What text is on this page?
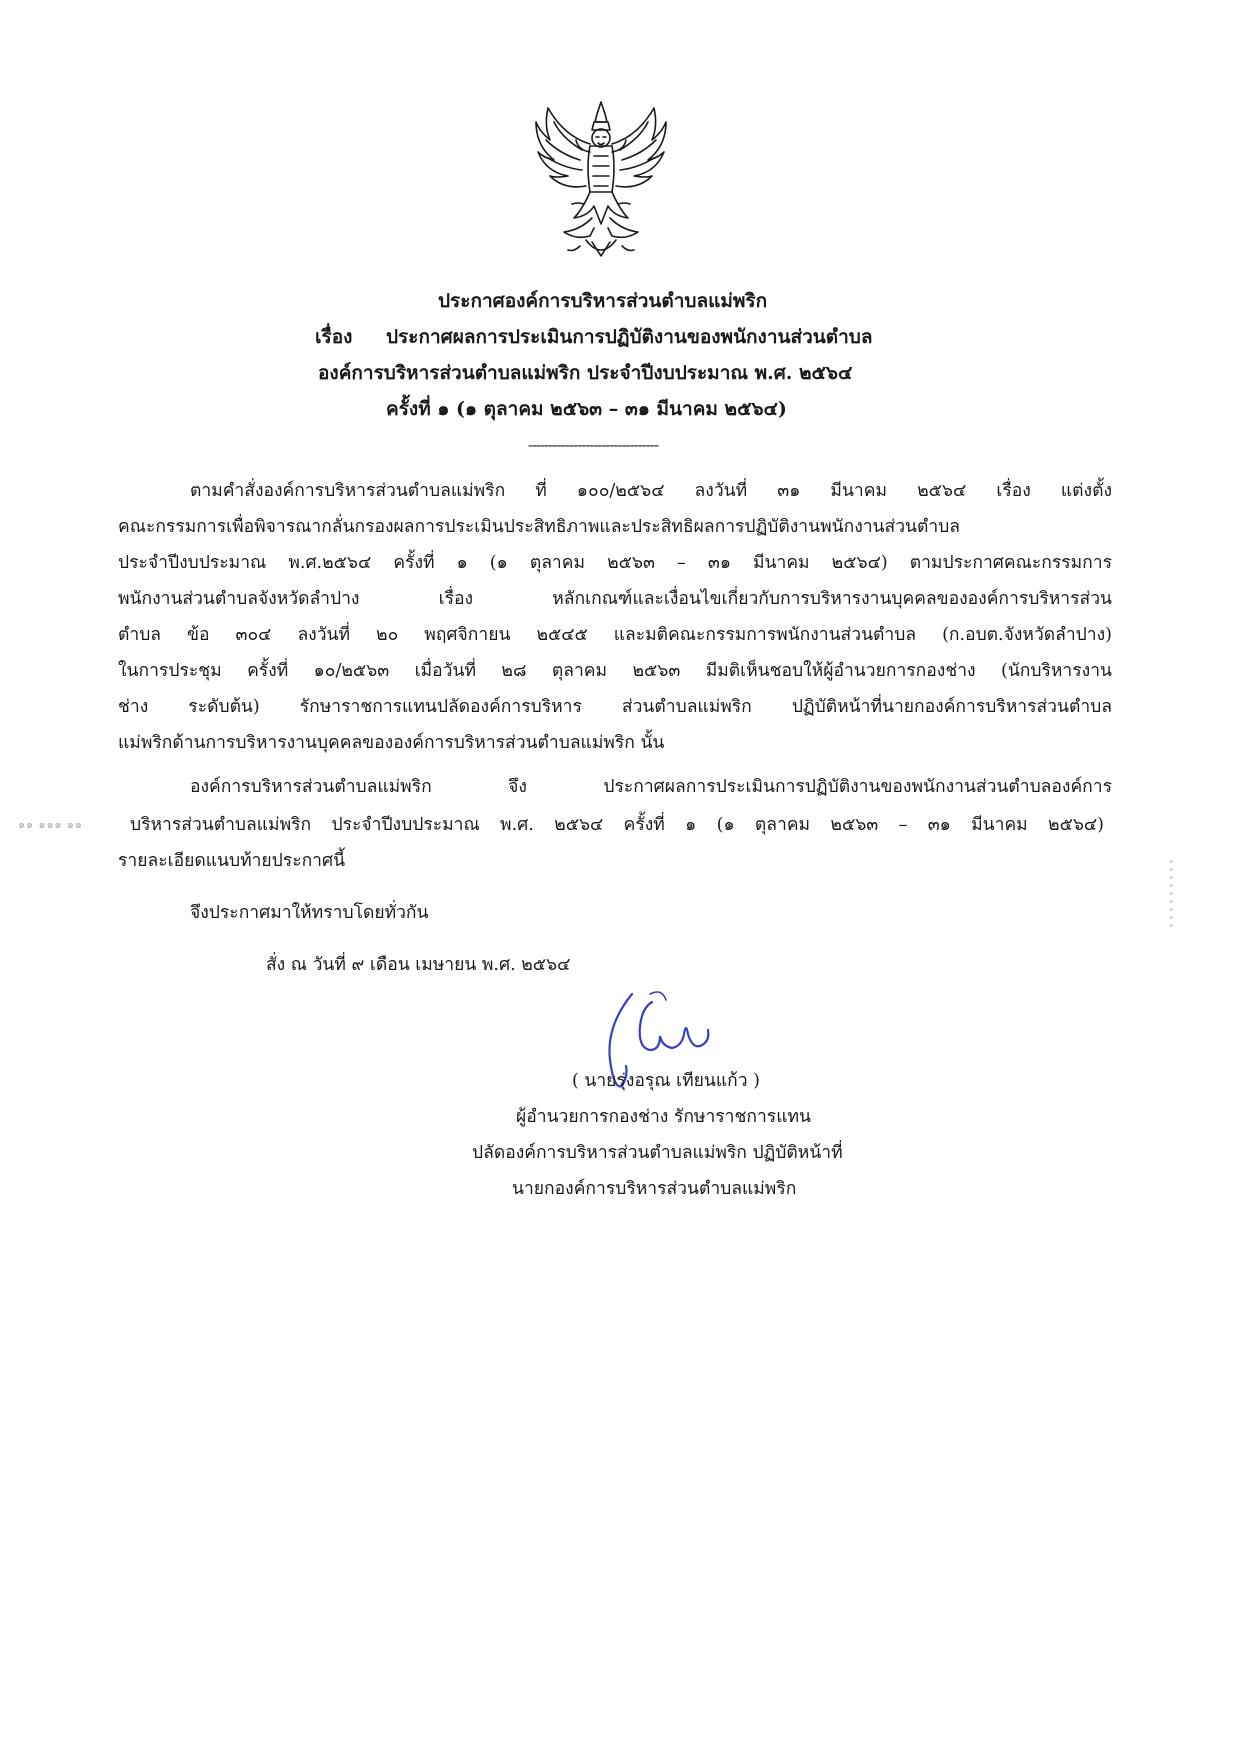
ประกาศองค์การบริหารส่วนตำบลแม่พริก
เรื่อง ประกาศผลการประเมินการปฏิบัติงานของพนักงานส่วนตำบล
องค์การบริหารส่วนตำบลแม่พริก ประจำปีงบประมาณ พ.ศ. ๒๕๖๔
ครั้งที่ ๑ (๑ ตุลาคม ๒๕๖๓ – ๓๑ มีนาคม ๒๕๖๔)
--------------------------------
ตามคำสั่งองค์การบริหารส่วนตำบลแม่พริก ที่ ๑๐๐/๒๕๖๔ ลงวันที่ ๓๑ มีนาคม ๒๕๖๔ เรื่อง แต่งตั้ง
คณะกรรมการเพื่อพิจารณากลั่นกรองผลการประเมินประสิทธิภาพและประสิทธิผลการปฏิบัติงานพนักงานส่วนตำบล
ประจำปีงบประมาณ พ.ศ.๒๕๖๔ ครั้งที่ ๑ (๑ ตุลาคม ๒๕๖๓ – ๓๑ มีนาคม ๒๕๖๔) ตามประกาศคณะกรรมการ
พนักงานส่วนตำบลจังหวัดลำปาง เรื่อง หลักเกณฑ์และเงื่อนไขเกี่ยวกับการบริหารงานบุคคลขององค์การบริหารส่วน
ตำบล ข้อ ๓๐๔ ลงวันที่ ๒๐ พฤศจิกายน ๒๕๔๕ และมติคณะกรรมการพนักงานส่วนตำบล (ก.อบต.จังหวัดลำปาง)
ในการประชุม ครั้งที่ ๑๐/๒๕๖๓ เมื่อวันที่ ๒๘ ตุลาคม ๒๕๖๓ มีมติเห็นชอบให้ผู้อำนวยการกองช่าง (นักบริหารงาน
ช่าง ระดับต้น) รักษาราชการแทนปลัดองค์การบริหาร ส่วนตำบลแม่พริก ปฏิบัติหน้าที่นายกองค์การบริหารส่วนตำบล
แม่พริกด้านการบริหารงานบุคคลขององค์การบริหารส่วนตำบลแม่พริก นั้น
องค์การบริหารส่วนตำบลแม่พริก จึง ประกาศผลการประเมินการปฏิบัติงานของพนักงานส่วนตำบลองค์การ
บริหารส่วนตำบลแม่พริก ประจำปีงบประมาณ พ.ศ. ๒๕๖๔ ครั้งที่ ๑ (๑ ตุลาคม ๒๕๖๓ – ๓๑ มีนาคม ๒๕๖๔)
รายละเอียดแนบท้ายประกาศนี้
๑๑ ๑๑๑ ๑๑
จึงประกาศมาให้ทราบโดยทั่วกัน
สั่ง ณ วันที่ ๙ เดือน เมษายน พ.ศ. ๒๕๖๔
( นายรุ่งอรุณ เทียนแก้ว )
ผู้อำนวยการกองช่าง รักษาราชการแทน
ปลัดองค์การบริหารส่วนตำบลแม่พริก ปฏิบัติหน้าที่
นายกองค์การบริหารส่วนตำบลแม่พริก
